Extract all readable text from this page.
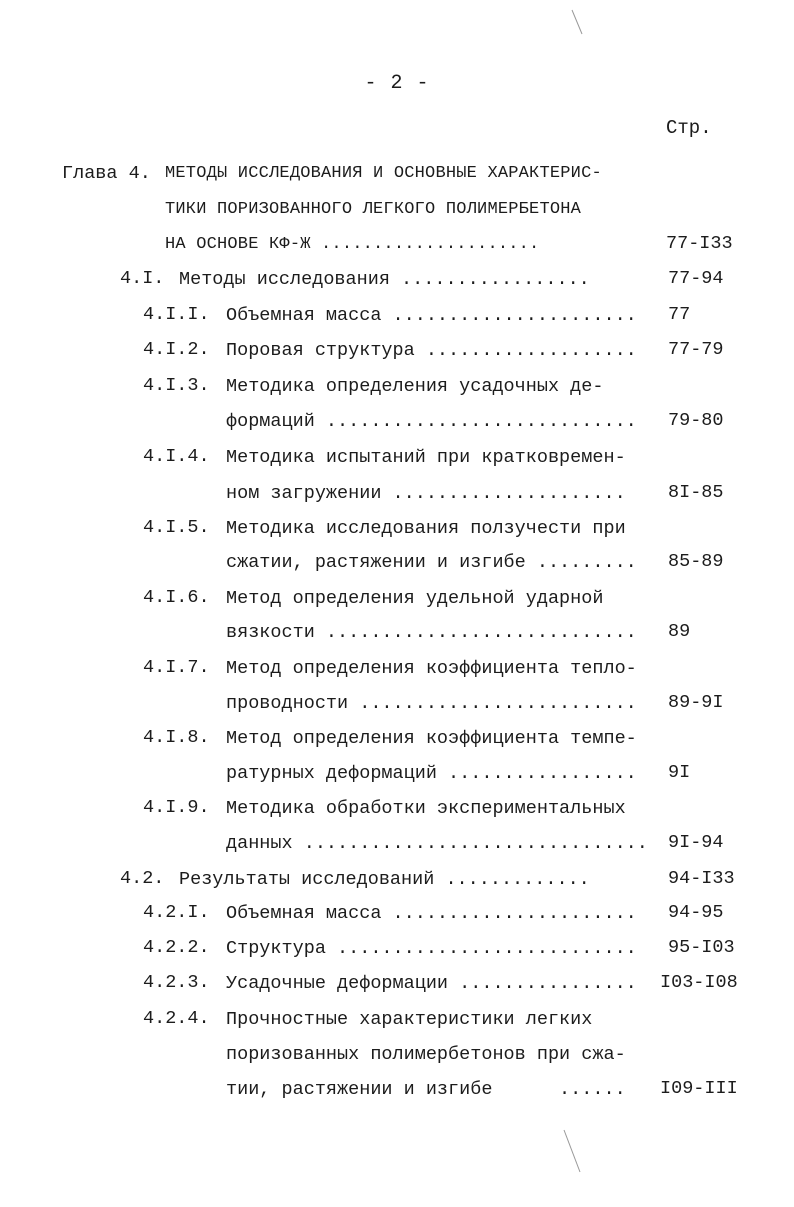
- 2 -
Стр.
Глава 4. МЕТОДЫ ИССЛЕДОВАНИЯ И ОСНОВНЫЕ ХАРАКТЕРИС-
ТИКИ ПОРИЗОВАННОГО ЛЕГКОГО ПОЛИМЕРБЕТОНА
НА ОСНОВЕ КФ-Ж .....................	77-I33
4.I. Методы исследования .................	77-94
4.I.I. Объемная масса ...................... 77
4.I.2. Поровая структура ................... 77-79
4.I.3. Методика определения усадочных де-
формаций ............................ 79-80
4.I.4. Методика испытаний при кратковремен-
ном загружении ..................... 8I-85
4.I.5. Методика исследования ползучести при
сжатии, растяжении и изгибе ......... 85-89
4.I.6. Метод определения удельной ударной
вязкости ............................ 89
4.I.7. Метод определения коэффициента тепло-
проводности ......................... 89-9I
4.I.8. Метод определения коэффициента темпе-
ратурных деформаций ................. 9I
4.I.9. Методика обработки экспериментальных
данных ............................... 9I-94
4.2. Результаты исследований .............	94-I33
4.2.I. Объемная масса ...................... 94-95
4.2.2. Структура ........................... 95-I03
4.2.3. Усадочные деформации ................ I03-I08
4.2.4. Прочностные характеристики легких
поризованных полимербетонов при сжа-
тии, растяжении и изгибе      ...... I09-III
